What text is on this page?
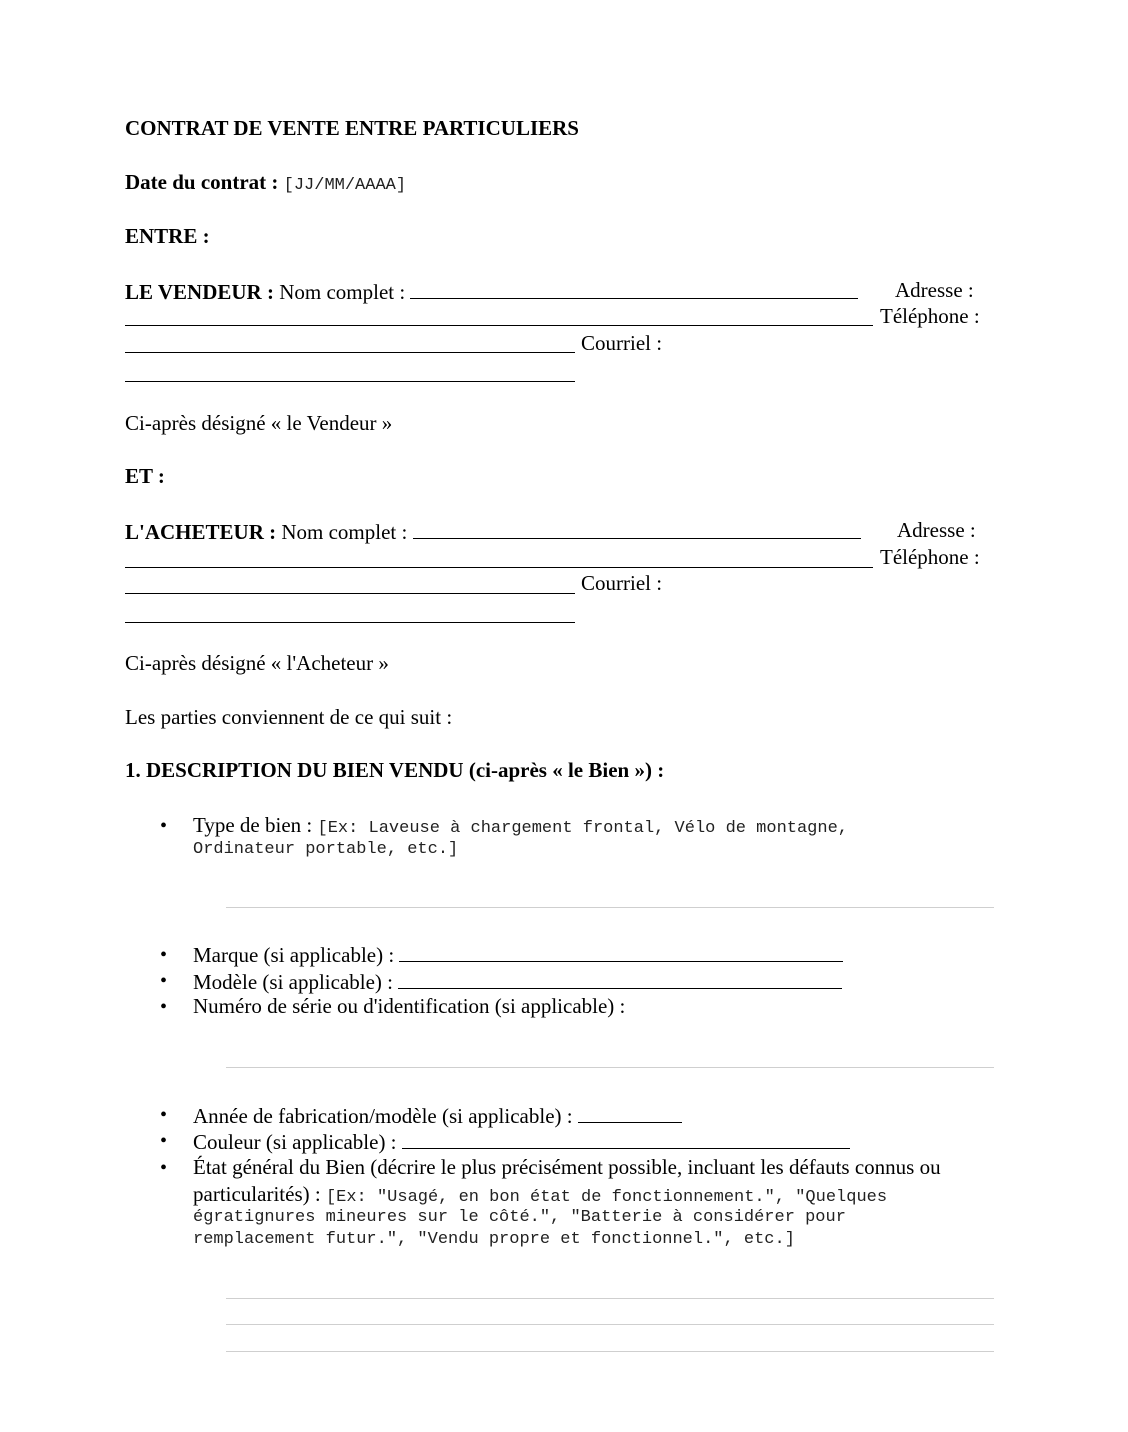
CONTRAT DE VENTE ENTRE PARTICULIERS
Date du contrat : [JJ/MM/AAAA]
ENTRE :
LE VENDEUR : Nom complet :	Adresse :
Téléphone :
Courriel :
Ci-après désigné « le Vendeur »
ET :
L'ACHETEUR : Nom complet :	Adresse :
Téléphone :
Courriel :
Ci-après désigné « l'Acheteur »
Les parties conviennent de ce qui suit :
1. DESCRIPTION DU BIEN VENDU (ci-après « le Bien ») :
• Type de bien : [Ex: Laveuse à chargement frontal, Vélo de montagne,
Ordinateur portable, etc.]
• Marque (si applicable) :
• Modèle (si applicable) :
• Numéro de série ou d'identification (si applicable) :
• Année de fabrication/modèle (si applicable) :
• Couleur (si applicable) :
• État général du Bien (décrire le plus précisément possible, incluant les défauts connus ou
particularités) : [Ex: "Usagé, en bon état de fonctionnement.", "Quelques
égratignures mineures sur le côté.", "Batterie à considérer pour
remplacement futur.", "Vendu propre et fonctionnel.", etc.]
